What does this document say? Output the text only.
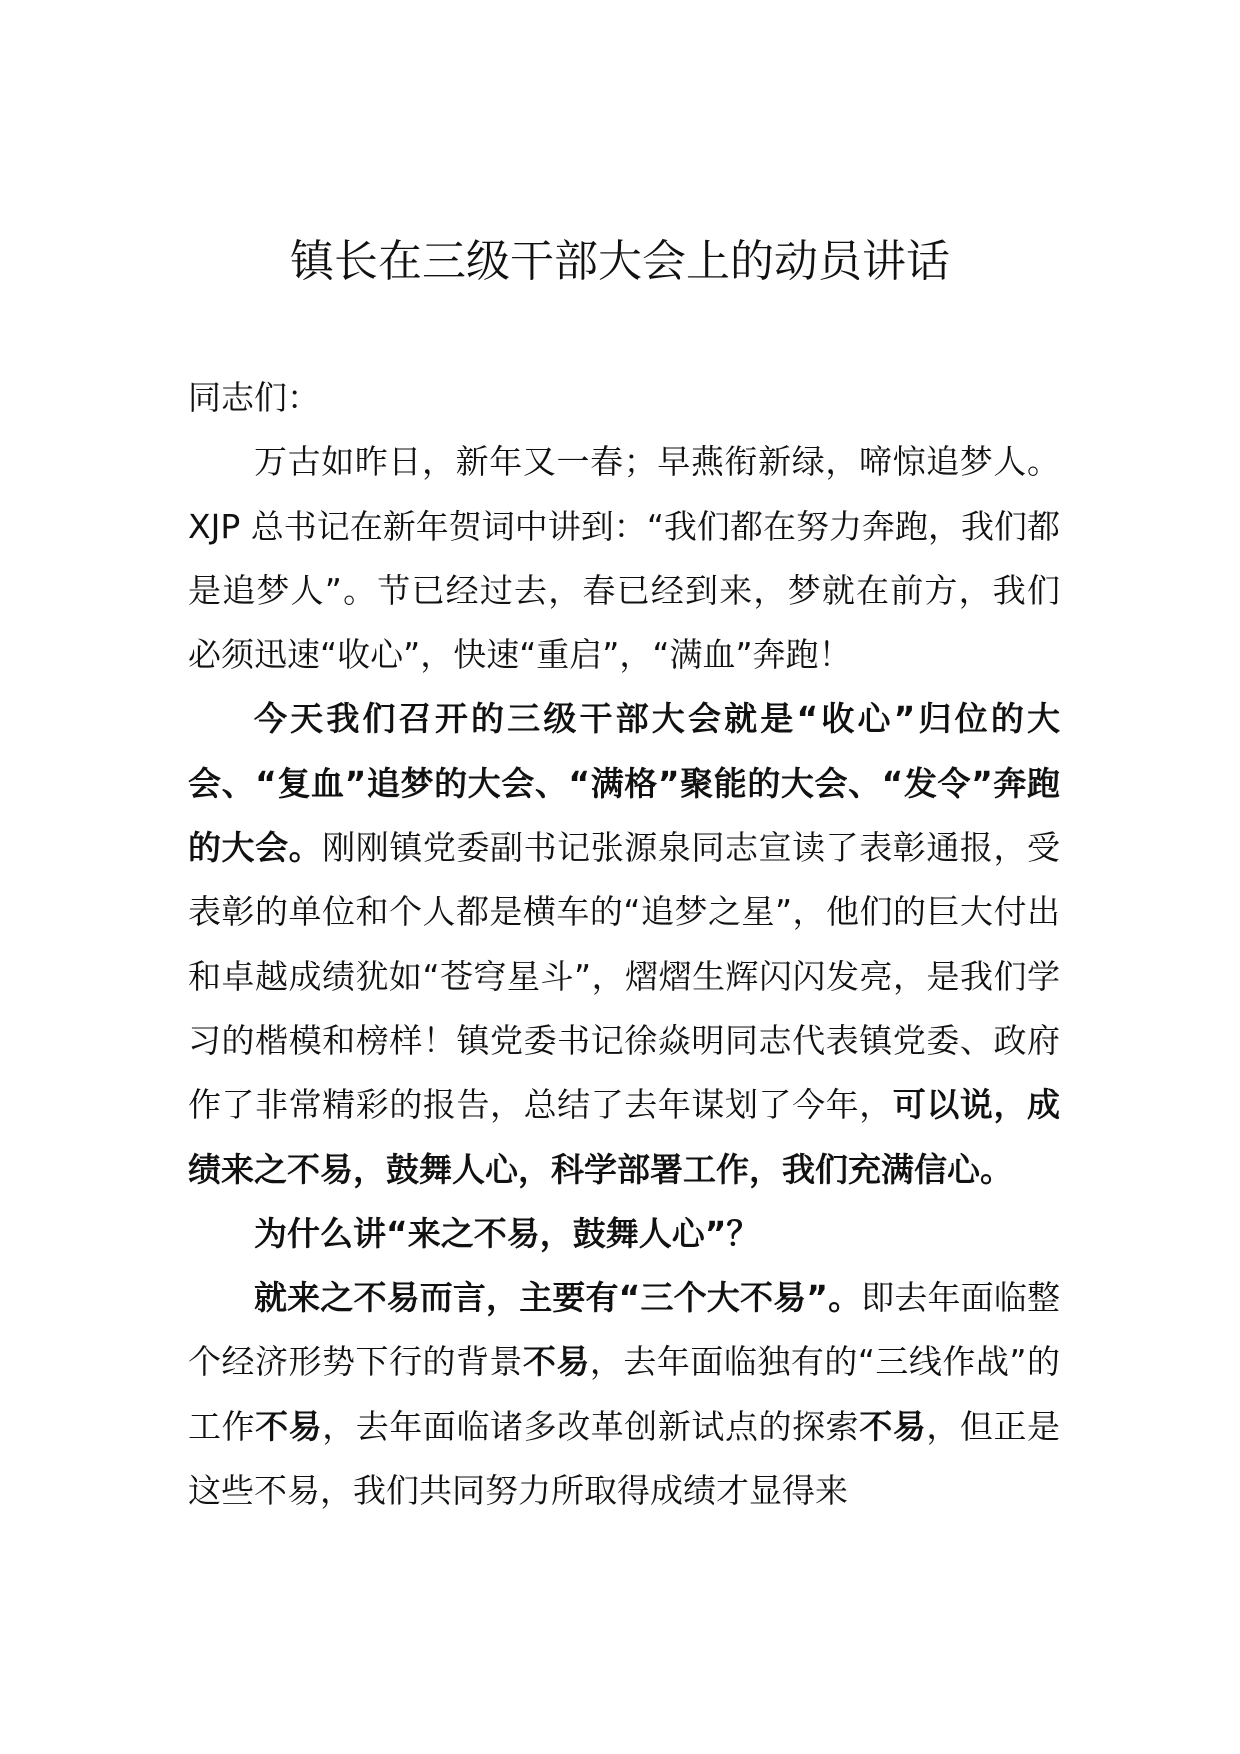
镇长在三级干部大会上的动员讲话

同志们：

万古如昨日，新年又一春；早燕衔新绿，啼惊追梦人。XJP 总书记在新年贺词中讲到：“我们都在努力奔跑，我们都是追梦人”。节已经过去，春已经到来，梦就在前方，我们必须迅速“收心”，快速“重启”，“满血”奔跑！

今天我们召开的三级干部大会就是“收心”归位的大会、“复血”追梦的大会、“满格”聚能的大会、“发令”奔跑的大会。刚刚镇党委副书记张源泉同志宣读了表彰通报，受表彰的单位和个人都是横车的“追梦之星”，他们的巨大付出和卓越成绩犹如“苍穹星斗”，熠熠生辉闪闪发亮，是我们学习的楷模和榜样！镇党委书记徐焱明同志代表镇党委、政府作了非常精彩的报告，总结了去年谋划了今年，可以说，成绩来之不易，鼓舞人心，科学部署工作，我们充满信心。

为什么讲“来之不易，鼓舞人心”？

就来之不易而言，主要有“三个大不易”。即去年面临整个经济形势下行的背景不易，去年面临独有的“三线作战”的工作不易，去年面临诸多改革创新试点的探索不易，但正是这些不易，我们共同努力所取得成绩才显得来
